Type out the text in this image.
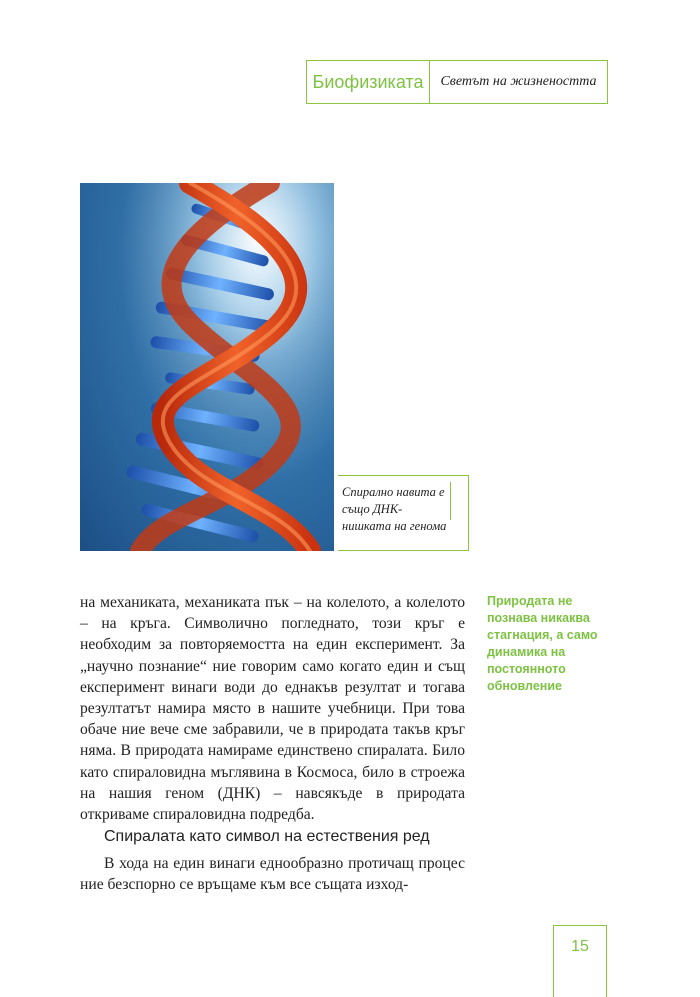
Биофизиката	Светът на жизнеността
Спирално навита е също ДНК-нишката на генома

на механиката, механиката пък – на колелото, а колелото – на кръга. Символично погледнато, този кръг е необходим за повторяемостта на един експеримент. За „научно познание“ ние говорим само когато един и същ експеримент винаги води до еднакъв резултат и тогава резултатът намира място в нашите учебници. При това обаче ние вече сме забравили, че в природата такъв кръг няма. В природата намираме единствено спиралата. Било като спираловидна мъглявина в Космоса, било в строежа на нашия геном (ДНК) – навсякъде в природата откриваме спираловидна подредба.

Природата не познава никаква стагнация, а само динамика на постоянното обновление
Спиралата като символ на естествения ред

В хода на един винаги еднообразно протичащ процес ние безспорно се връщаме към все същата изход-

15
